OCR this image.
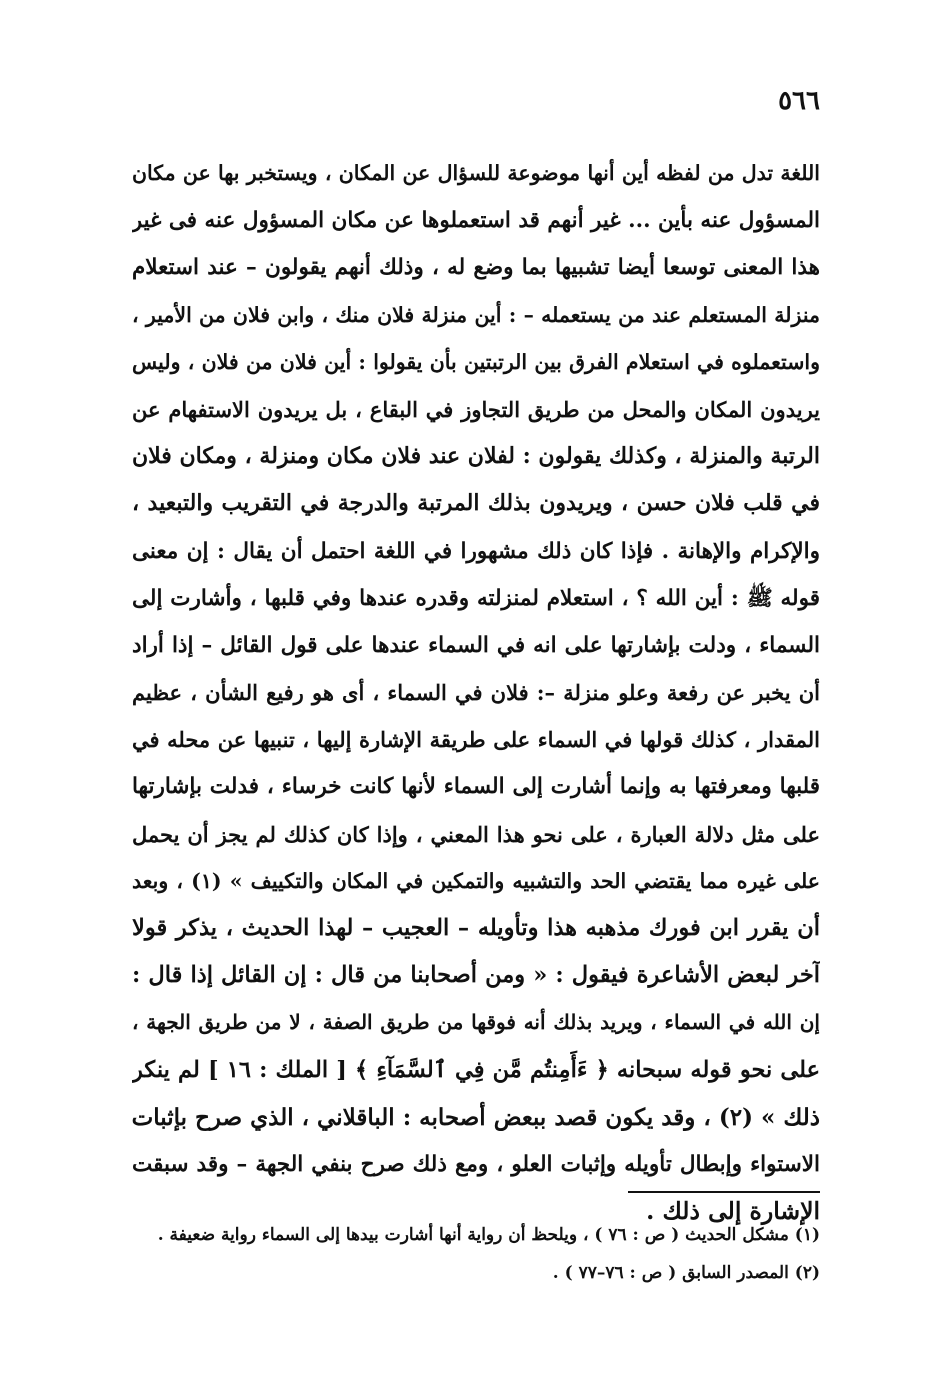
٥٦٦
اللغة تدل من لفظه أين أنها موضوعة للسؤال عن المكان ، ويستخبر بها عن مكان
المسؤول عنه بأين ... غير أنهم قد استعملوها عن مكان المسؤول عنه فى غير
هذا المعنى توسعا أيضا تشبيها بما وضع له ، وذلك أنهم يقولون – عند استعلام
منزلة المستعلم عند من يستعمله – : أين منزلة فلان منك ، وابن فلان من الأمير ،
واستعملوه في استعلام الفرق بين الرتبتين بأن يقولوا : أين فلان من فلان ، وليس
يريدون المكان والمحل من طريق التجاوز في البقاع ، بل يريدون الاستفهام عن
الرتبة والمنزلة ، وكذلك يقولون : لفلان عند فلان مكان ومنزلة ، ومكان فلان
في قلب فلان حسن ، ويريدون بذلك المرتبة والدرجة في التقريب والتبعيد ،
والإكرام والإهانة . فإذا كان ذلك مشهورا في اللغة احتمل أن يقال : إن معنى
قوله ﷺ : أين الله ؟ ، استعلام لمنزلته وقدره عندها وفي قلبها ، وأشارت إلى
السماء ، ودلت بإشارتها على انه في السماء عندها على قول القائل – إذا أراد
أن يخبر عن رفعة وعلو منزلة –: فلان في السماء ، أى هو رفيع الشأن ، عظيم
المقدار ، كذلك قولها في السماء على طريقة الإشارة إليها ، تنبيها عن محله في
قلبها ومعرفتها به وإنما أشارت إلى السماء لأنها كانت خرساء ، فدلت بإشارتها
على مثل دلالة العبارة ، على نحو هذا المعني ، وإذا كان كذلك لم يجز أن يحمل
على غيره مما يقتضي الحد والتشبيه والتمكين في المكان والتكييف » (١) ، وبعد
أن يقرر ابن فورك مذهبه هذا وتأويله – العجيب – لهذا الحديث ، يذكر قولا
آخر لبعض الأشاعرة فيقول : « ومن أصحابنا من قال : إن القائل إذا قال :
إن الله في السماء ، ويريد بذلك أنه فوقها من طريق الصفة ، لا من طريق الجهة ،
على نحو قوله سبحانه ﴿ ءَأَمِنتُم مَّن فِي ٱلسَّمَآءِ ﴾ [ الملك : ١٦ ] لم ينكر
ذلك » (٢) ، وقد يكون قصد ببعض أصحابه : الباقلاني ، الذي صرح بإثبات
الاستواء وإبطال تأويله وإثبات العلو ، ومع ذلك صرح بنفي الجهة – وقد سبقت
الإشارة إلى ذلك .
(١) مشكل الحديث ( ص : ٧٦ ) ، ويلحظ أن رواية أنها أشارت بيدها إلى السماء رواية ضعيفة .
(٢) المصدر السابق ( ص : ٧٦–٧٧ ) .
